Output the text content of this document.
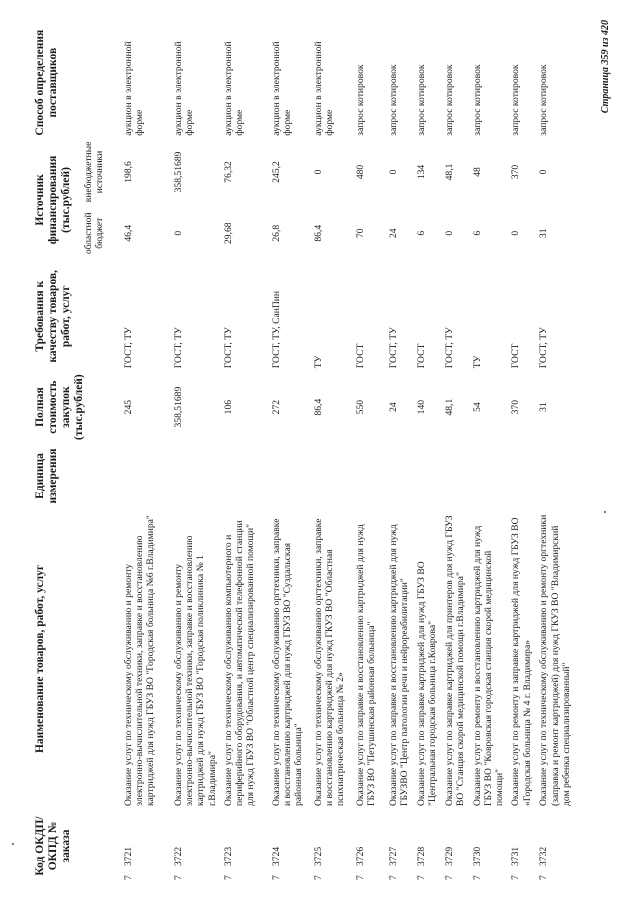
Код ОКДП/ ОКПД № заказа	Наименование товаров, работ, услуг	Единица измерения	Полная стоимость закупок (тыс.рублей)	Требования к качеству товаров, работ, услуг	Источник финансирования (тыс.рублей)		Способ определения поставщиков
					областной бюджет	внебюджетные источники	
73721	Оказание услуг по техническому обслуживанию и ремонту электронно-вычислительной техники, заправке и восстановлению картриджей для нужд ГБУЗ ВО "Городская больница №6 г.Владимира"		245	ГОСТ, ТУ	46,4	198,6	аукцион в электронной форме
73722	Оказание услуг по техническому обслуживанию и ремонту электронно-вычислительной техники, заправке и восстановлению картриджей для нужд ГБУЗ ВО "Городская поликлиника № 1 г.Владимира"		358,51689	ГОСТ, ТУ	0	358,51689	аукцион в электронной форме
73723	Оказание услуг по техническому обслуживанию компьютерного и периферийного оборудования, и автоматической телефонной станции для нужд ГБУЗ ВО "Областной центр специализированной помощи"		106	ГОСТ, ТУ	29,68	76,32	аукцион в электронной форме
73724	Оказание услуг по техническому обслуживанию оргтехники, заправке и восстановлению картриджей для нужд ГБУЗ ВО "Суздальская районная больница"		272	ГОСТ, ТУ, СанПин	26,8	245,2	аукцион в электронной форме
73725	Оказание услуг по техническому обслуживанию оргтехники, заправке и восстановлению картриджей для нужд ГКУЗ ВО "Областная психиатрическая больница № 2»		86,4	ТУ	86,4	0	аукцион в электронной форме
73726	Оказание услуг по заправке и восстановлению картриджей для нужд ГБУЗ ВО "Петушинская районная больница"		550	ГОСТ	70	480	запрос котировок
73727	Оказание услуг по заправке и восстановлению картриджей для нужд ГБУЗВО "Центр патологии речи и нейрореабилитации"		24	ГОСТ, ТУ	24	0	запрос котировок
73728	Оказание услуг по заправке картриджей для нужд ГБУЗ ВО "Центральная городская больница г.Коврова"		140	ГОСТ	6	134	запрос котировок
73729	Оказание услуг по заправке картриджей для принтеров для нужд ГБУЗ ВО "Станция скорой медицинской помощи г.Владимира"		48,1	ГОСТ, ТУ	0	48,1	запрос котировок
73730	Оказание услуг по ремонту и восстановлению картриджей для нужд ГБУЗ ВО "Ковровская городская станция скорой медицинской помощи"		54	ТУ	6	48	запрос котировок
73731	Оказание услуг по ремонту и заправке картриджей для нужд ГБУЗ ВО «Городская больница № 4 г. Владимира»		370	ГОСТ	0	370	запрос котировок
73732	Оказание услуг по техническому обслуживанию и ремонту оргтехники (заправка и ремонт картриджей) для нужд ГКУЗ ВО "Владимирский дом ребенка специализированный"		31	ГОСТ, ТУ	31	0	запрос котировок	Страница 359 из 420
